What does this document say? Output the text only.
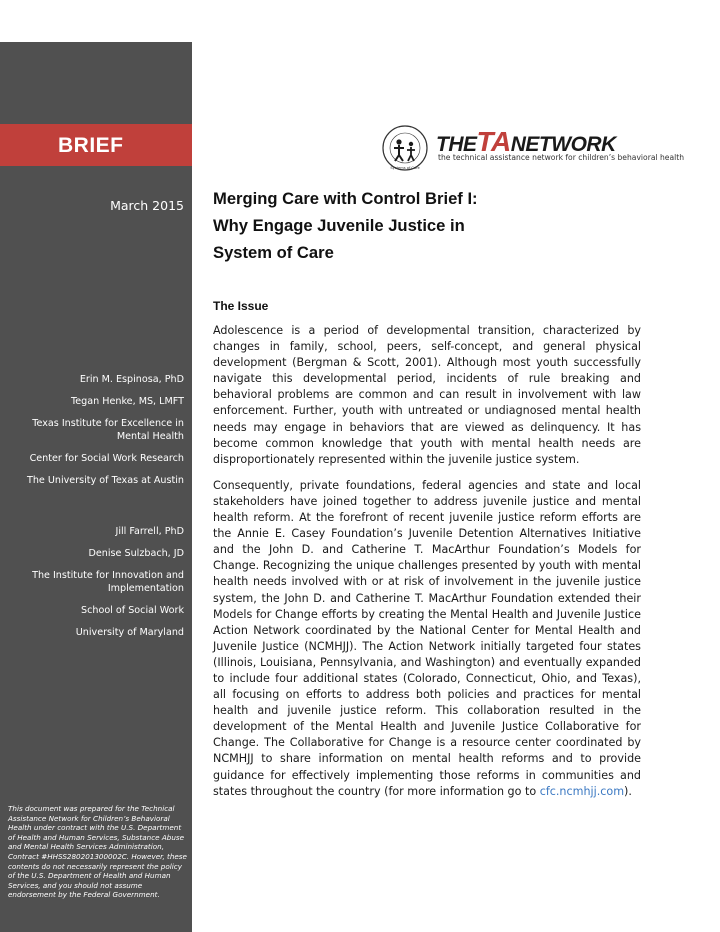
BRIEF
March 2015
Erin M. Espinosa, PhD
Tegan Henke, MS, LMFT
Texas Institute for Excellence in Mental Health
Center for Social Work Research
The University of Texas at Austin
Jill Farrell, PhD
Denise Sulzbach, JD
The Institute for Innovation and Implementation
School of Social Work
University of Maryland
This document was prepared for the Technical Assistance Network for Children’s Behavioral Health under contract with the U.S. Department of Health and Human Services, Substance Abuse and Mental Health Services Administration, Contract #HHSS280201300002C. However, these contents do not necessarily represent the policy of the U.S. Department of Health and Human Services, and you should not assume endorsement by the Federal Government.
Systems of Care
THETANETWORK
the technical assistance network for children’s behavioral health
Merging Care with Control Brief I:
Why Engage Juvenile Justice in
System of Care
The Issue

Adolescence is a period of developmental transition, characterized by changes in family, school, peers, self-concept, and general physical development (Bergman & Scott, 2001). Although most youth successfully navigate this developmental period, incidents of rule breaking and behavioral problems are common and can result in involvement with law enforcement. Further, youth with untreated or undiagnosed mental health needs may engage in behaviors that are viewed as delinquency. It has become common knowledge that youth with mental health needs are disproportionately represented within the juvenile justice system.

Consequently, private foundations, federal agencies and state and local stakeholders have joined together to address juvenile justice and mental health reform. At the forefront of recent juvenile justice reform efforts are the Annie E. Casey Foundation’s Juvenile Detention Alternatives Initiative and the John D. and Catherine T. MacArthur Foundation’s Models for Change. Recognizing the unique challenges presented by youth with mental health needs involved with or at risk of involvement in the juvenile justice system, the John D. and Catherine T. MacArthur Foundation extended their Models for Change efforts by creating the Mental Health and Juvenile Justice Action Network coordinated by the National Center for Mental Health and Juvenile Justice (NCMHJJ). The Action Network initially targeted four states (Illinois, Louisiana, Pennsylvania, and Washington) and eventually expanded to include four additional states (Colorado, Connecticut, Ohio, and Texas), all focusing on efforts to address both policies and practices for mental health and juvenile justice reform. This collaboration resulted in the development of the Mental Health and Juvenile Justice Collaborative for Change. The Collaborative for Change is a resource center coordinated by NCMHJJ to share information on mental health reforms and to provide guidance for effectively implementing those reforms in communities and states throughout the country (for more information go to cfc.ncmhjj.com).
